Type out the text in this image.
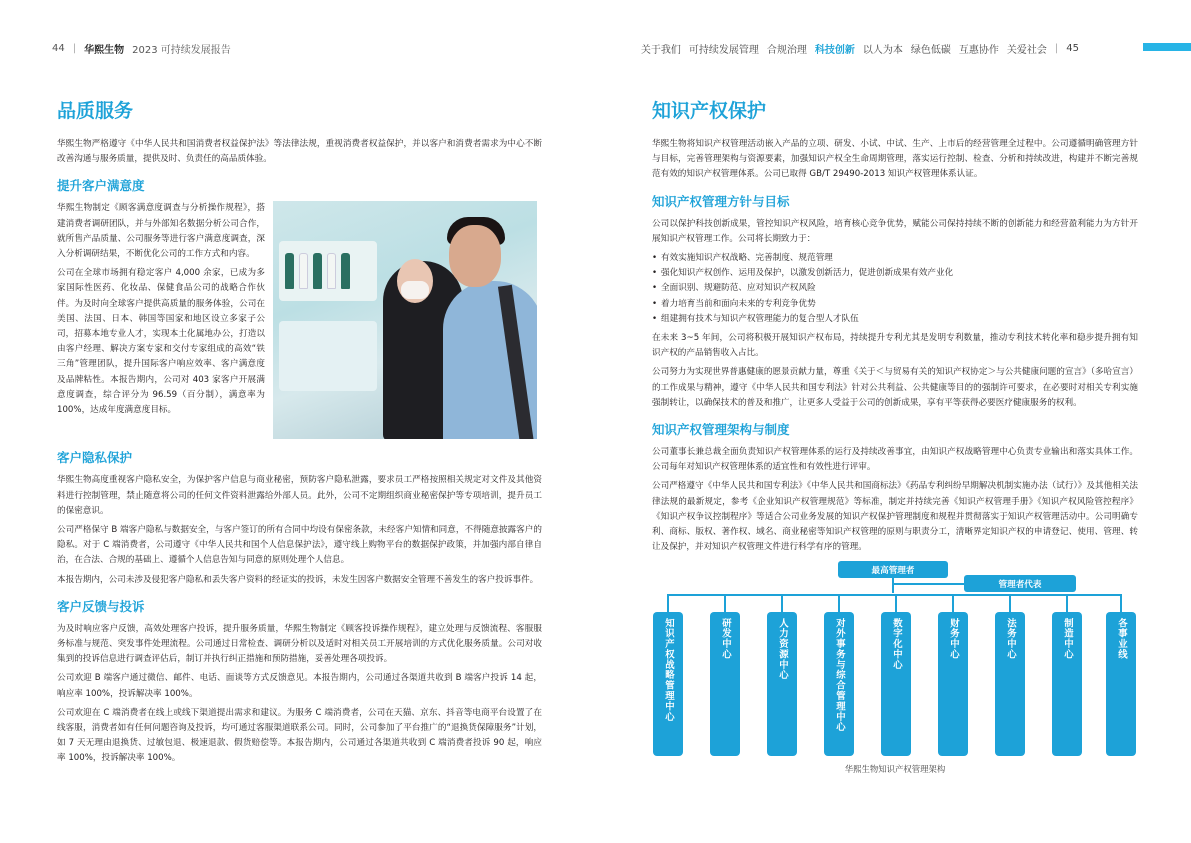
44 | 华熙生物 2023 可持续发展报告	关于我们 可持续发展管理 合规治理 科技创新 以人为本 绿色低碳 互惠协作 关爱社会 | 45
品质服务

华熙生物严格遵守《中华人民共和国消费者权益保护法》等法律法规，重视消费者权益保护，并以客户和消费者需求为中心不断改善沟通与服务质量，提供及时、负责任的高品质体验。

提升客户满意度

华熙生物制定《顾客满意度调查与分析操作规程》，搭建消费者调研团队，并与外部知名数据分析公司合作，就所售产品质量、公司服务等进行客户满意度调查，深入分析调研结果，不断优化公司的工作方式和内容。

公司在全球市场拥有稳定客户 4,000 余家，已成为多家国际性医药、化妆品、保健食品公司的战略合作伙伴。为及时向全球客户提供高质量的服务体验，公司在美国、法国、日本、韩国等国家和地区设立多家子公司，招募本地专业人才，实现本土化属地办公，打造以由客户经理、解决方案专家和交付专家组成的高效“铁三角”管理团队，提升国际客户响应效率、客户满意度及品牌粘性。本报告期内，公司对 403 家客户开展满意度调查，综合评分为 96.59（百分制），满意率为 100%，达成年度满意度目标。

客户隐私保护

华熙生物高度重视客户隐私安全，为保护客户信息与商业秘密，预防客户隐私泄露，要求员工严格按照相关规定对文件及其他资料进行控制管理，禁止随意将公司的任何文件资料泄露给外部人员。此外，公司不定期组织商业秘密保护等专项培训，提升员工的保密意识。

公司严格保守 B 端客户隐私与数据安全，与客户签订的所有合同中均设有保密条款，未经客户知情和同意，不得随意披露客户的隐私。对于 C 端消费者，公司遵守《中华人民共和国个人信息保护法》，遵守线上购物平台的数据保护政策，并加强内部自律自治，在合法、合规的基础上、遵循个人信息告知与同意的原则处理个人信息。

本报告期内，公司未涉及侵犯客户隐私和丢失客户资料的经证实的投诉，未发生因客户数据安全管理不善发生的客户投诉事件。

客户反馈与投诉

为及时响应客户反馈，高效处理客户投诉，提升服务质量，华熙生物制定《顾客投诉操作规程》，建立处理与反馈流程、客服服务标准与规范、突发事件处理流程。公司通过日常检查、调研分析以及适时对相关员工开展培训的方式优化服务质量。公司对收集到的投诉信息进行调查评估后，制订并执行纠正措施和预防措施，妥善处理各项投诉。

公司欢迎 B 端客户通过微信、邮件、电话、面谈等方式反馈意见。本报告期内，公司通过各渠道共收到 B 端客户投诉 14 起，响应率 100%，投诉解决率 100%。

公司欢迎在 C 端消费者在线上或线下渠道提出需求和建议。为服务 C 端消费者，公司在天猫、京东、抖音等电商平台设置了在线客服，消费者如有任何问题咨询及投诉，均可通过客服渠道联系公司。同时，公司参加了平台推广的“退换货保障服务”计划，如 7 天无理由退换货、过敏包退、极速退款、假货赔偿等。本报告期内，公司通过各渠道共收到 C 端消费者投诉 90 起，响应率 100%，投诉解决率 100%。

知识产权保护

华熙生物将知识产权管理活动嵌入产品的立项、研发、小试、中试、生产、上市后的经营管理全过程中。公司遵循明确管理方针与目标，完善管理架构与资源要素，加强知识产权全生命周期管理，落实运行控制、检查、分析和持续改进，构建并不断完善规范有效的知识产权管理体系。公司已取得 GB/T 29490-2013 知识产权管理体系认证。

知识产权管理方针与目标

公司以保护科技创新成果，管控知识产权风险，培育核心竞争优势，赋能公司保持持续不断的创新能力和经营盈利能力为方针开展知识产权管理工作。公司将长期致力于：

• 有效实施知识产权战略、完善制度、规范管理
• 强化知识产权创作、运用及保护，以激发创新活力，促进创新成果有效产业化
• 全面识别、规避防范、应对知识产权风险
• 着力培育当前和面向未来的专利竞争优势
• 组建拥有技术与知识产权管理能力的复合型人才队伍

在未来 3~5 年间，公司将积极开展知识产权布局，持续提升专利尤其是发明专利数量，推动专利技术转化率和稳步提升拥有知识产权的产品销售收入占比。

公司努力为实现世界普惠健康的愿景贡献力量，尊重《关于＜与贸易有关的知识产权协定＞与公共健康问题的宣言》（多哈宣言）的工作成果与精神，遵守《中华人民共和国专利法》针对公共利益、公共健康等目的的强制许可要求，在必要时对相关专利实施强制转让，以确保技术的普及和推广，让更多人受益于公司的创新成果，享有平等获得必要医疗健康服务的权利。

知识产权管理架构与制度

公司董事长兼总裁全面负责知识产权管理体系的运行及持续改善事宜，由知识产权战略管理中心负责专业输出和落实具体工作。公司每年对知识产权管理体系的适宜性和有效性进行评审。

公司严格遵守《中华人民共和国专利法》《中华人民共和国商标法》《药品专利纠纷早期解决机制实施办法（试行）》及其他相关法律法规的最新规定，参考《企业知识产权管理规范》等标准，制定并持续完善《知识产权管理手册》《知识产权风险管控程序》《知识产权争议控制程序》等适合公司业务发展的知识产权保护管理制度和规程并贯彻落实于知识产权管理活动中。公司明确专利、商标、版权、著作权、域名、商业秘密等知识产权管理的原则与职责分工，清晰界定知识产权的申请登记、使用、管理、转让及保护，并对知识产权管理文件进行科学有序的管理。

最高管理者
管理者代表
知识产权战略管理中心	研发中心	人力资源中心	对外事务与综合管理中心	数字化中心	财务中心	法务中心	制造中心	各事业线
华熙生物知识产权管理架构
